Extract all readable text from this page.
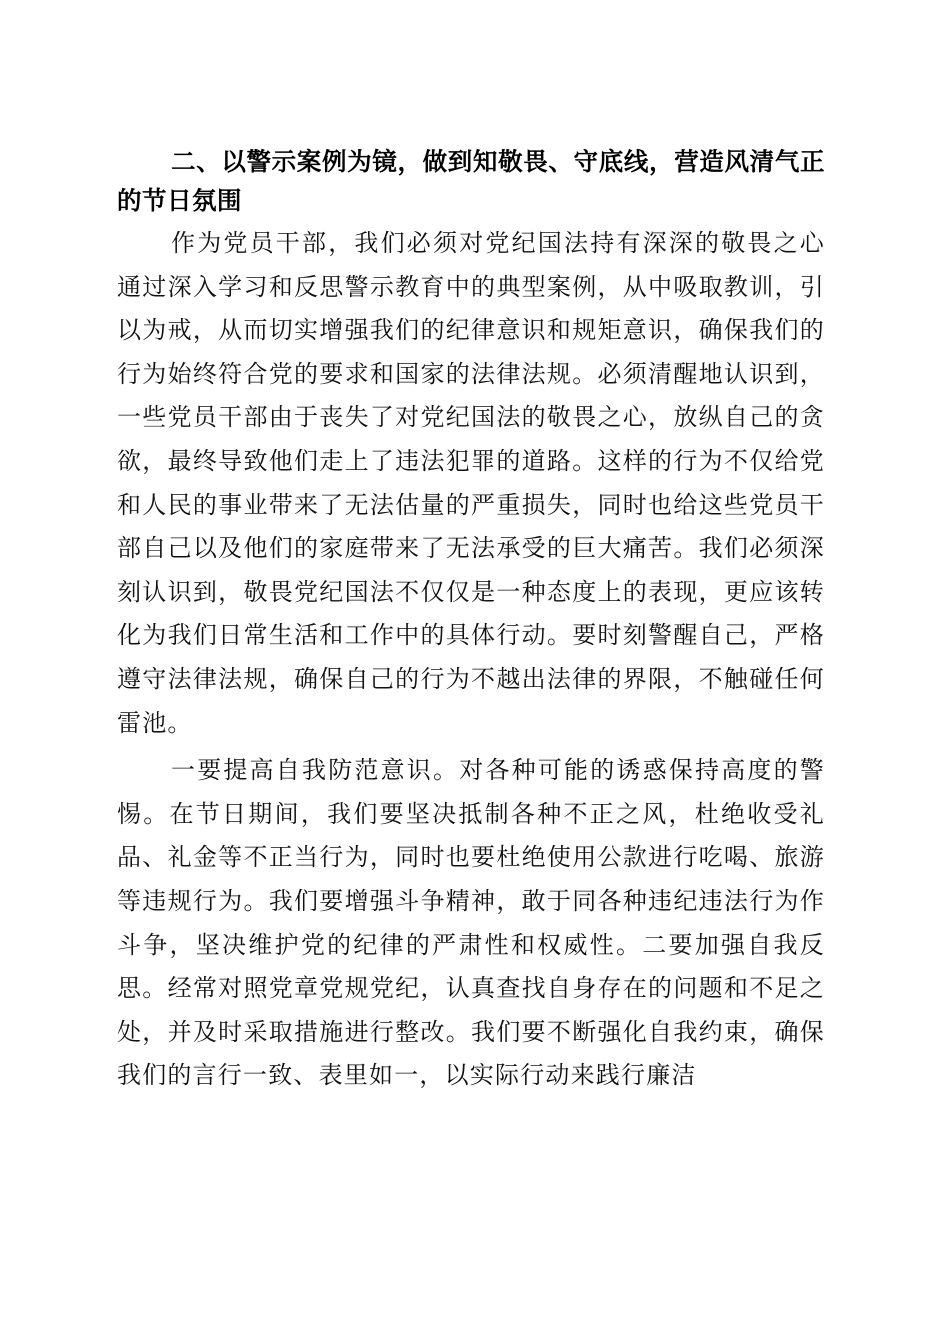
二、以警示案例为镜，做到知敬畏、守底线，营造风清气正的节日氛围

作为党员干部，我们必须对党纪国法持有深深的敬畏之心通过深入学习和反思警示教育中的典型案例，从中吸取教训，引以为戒，从而切实增强我们的纪律意识和规矩意识，确保我们的行为始终符合党的要求和国家的法律法规。必须清醒地认识到，一些党员干部由于丧失了对党纪国法的敬畏之心，放纵自己的贪欲，最终导致他们走上了违法犯罪的道路。这样的行为不仅给党和人民的事业带来了无法估量的严重损失，同时也给这些党员干部自己以及他们的家庭带来了无法承受的巨大痛苦。我们必须深刻认识到，敬畏党纪国法不仅仅是一种态度上的表现，更应该转化为我们日常生活和工作中的具体行动。要时刻警醒自己，严格遵守法律法规，确保自己的行为不越出法律的界限，不触碰任何雷池。

一要提高自我防范意识。对各种可能的诱惑保持高度的警惕。在节日期间，我们要坚决抵制各种不正之风，杜绝收受礼品、礼金等不正当行为，同时也要杜绝使用公款进行吃喝、旅游等违规行为。我们要增强斗争精神，敢于同各种违纪违法行为作斗争，坚决维护党的纪律的严肃性和权威性。二要加强自我反思。经常对照党章党规党纪，认真查找自身存在的问题和不足之处，并及时采取措施进行整改。我们要不断强化自我约束，确保我们的言行一致、表里如一，以实际行动来践行廉洁
